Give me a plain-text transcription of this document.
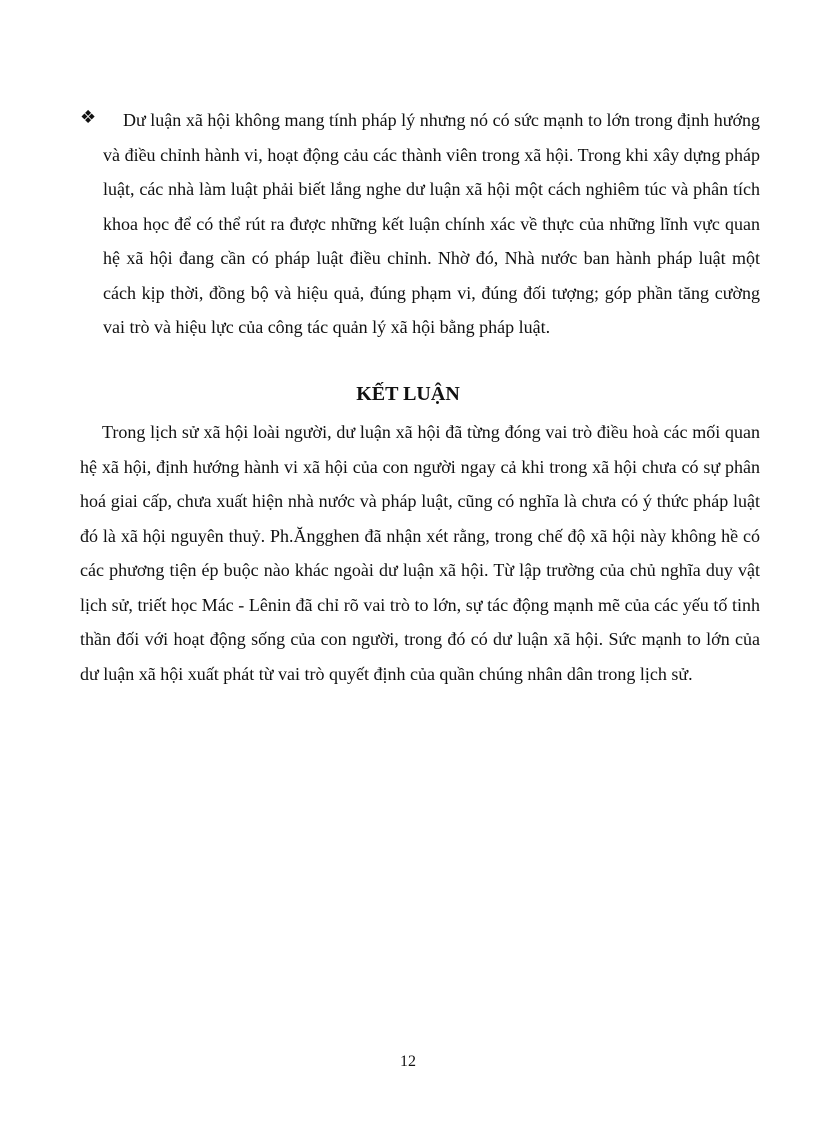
❖	Dư luận xã hội không mang tính pháp lý nhưng nó có sức mạnh to lớn trong định hướng và điều chỉnh hành vi, hoạt động cảu các thành viên trong xã hội. Trong khi xây dựng pháp luật, các nhà làm luật phải biết lắng nghe dư luận xã hội một cách nghiêm túc và phân tích khoa học để có thể rút ra được những kết luận chính xác về thực của những lĩnh vực quan hệ xã hội đang cần có pháp luật điều chỉnh. Nhờ đó, Nhà nước ban hành pháp luật một cách kịp thời, đồng bộ và hiệu quả, đúng phạm vi, đúng đối tượng; góp phần tăng cường vai trò và hiệu lực của công tác quản lý xã hội bằng pháp luật.

KẾT LUẬN

Trong lịch sử xã hội loài người, dư luận xã hội đã từng đóng vai trò điều hoà các mối quan hệ xã hội, định hướng hành vi xã hội của con người ngay cả khi trong xã hội chưa có sự phân hoá giai cấp, chưa xuất hiện nhà nước và pháp luật, cũng có nghĩa là chưa có ý thức pháp luật đó là xã hội nguyên thuỷ. Ph.Ăngghen đã nhận xét rằng, trong chế độ xã hội này không hề có các phương tiện ép buộc nào khác ngoài dư luận xã hội. Từ lập trường của chủ nghĩa duy vật lịch sử, triết học Mác - Lênin đã chỉ rõ vai trò to lớn, sự tác động mạnh mẽ của các yếu tố tinh thần đối với hoạt động sống của con người, trong đó có dư luận xã hội. Sức mạnh to lớn của dư luận xã hội xuất phát từ vai trò quyết định của quần chúng nhân dân trong lịch sử.

12
